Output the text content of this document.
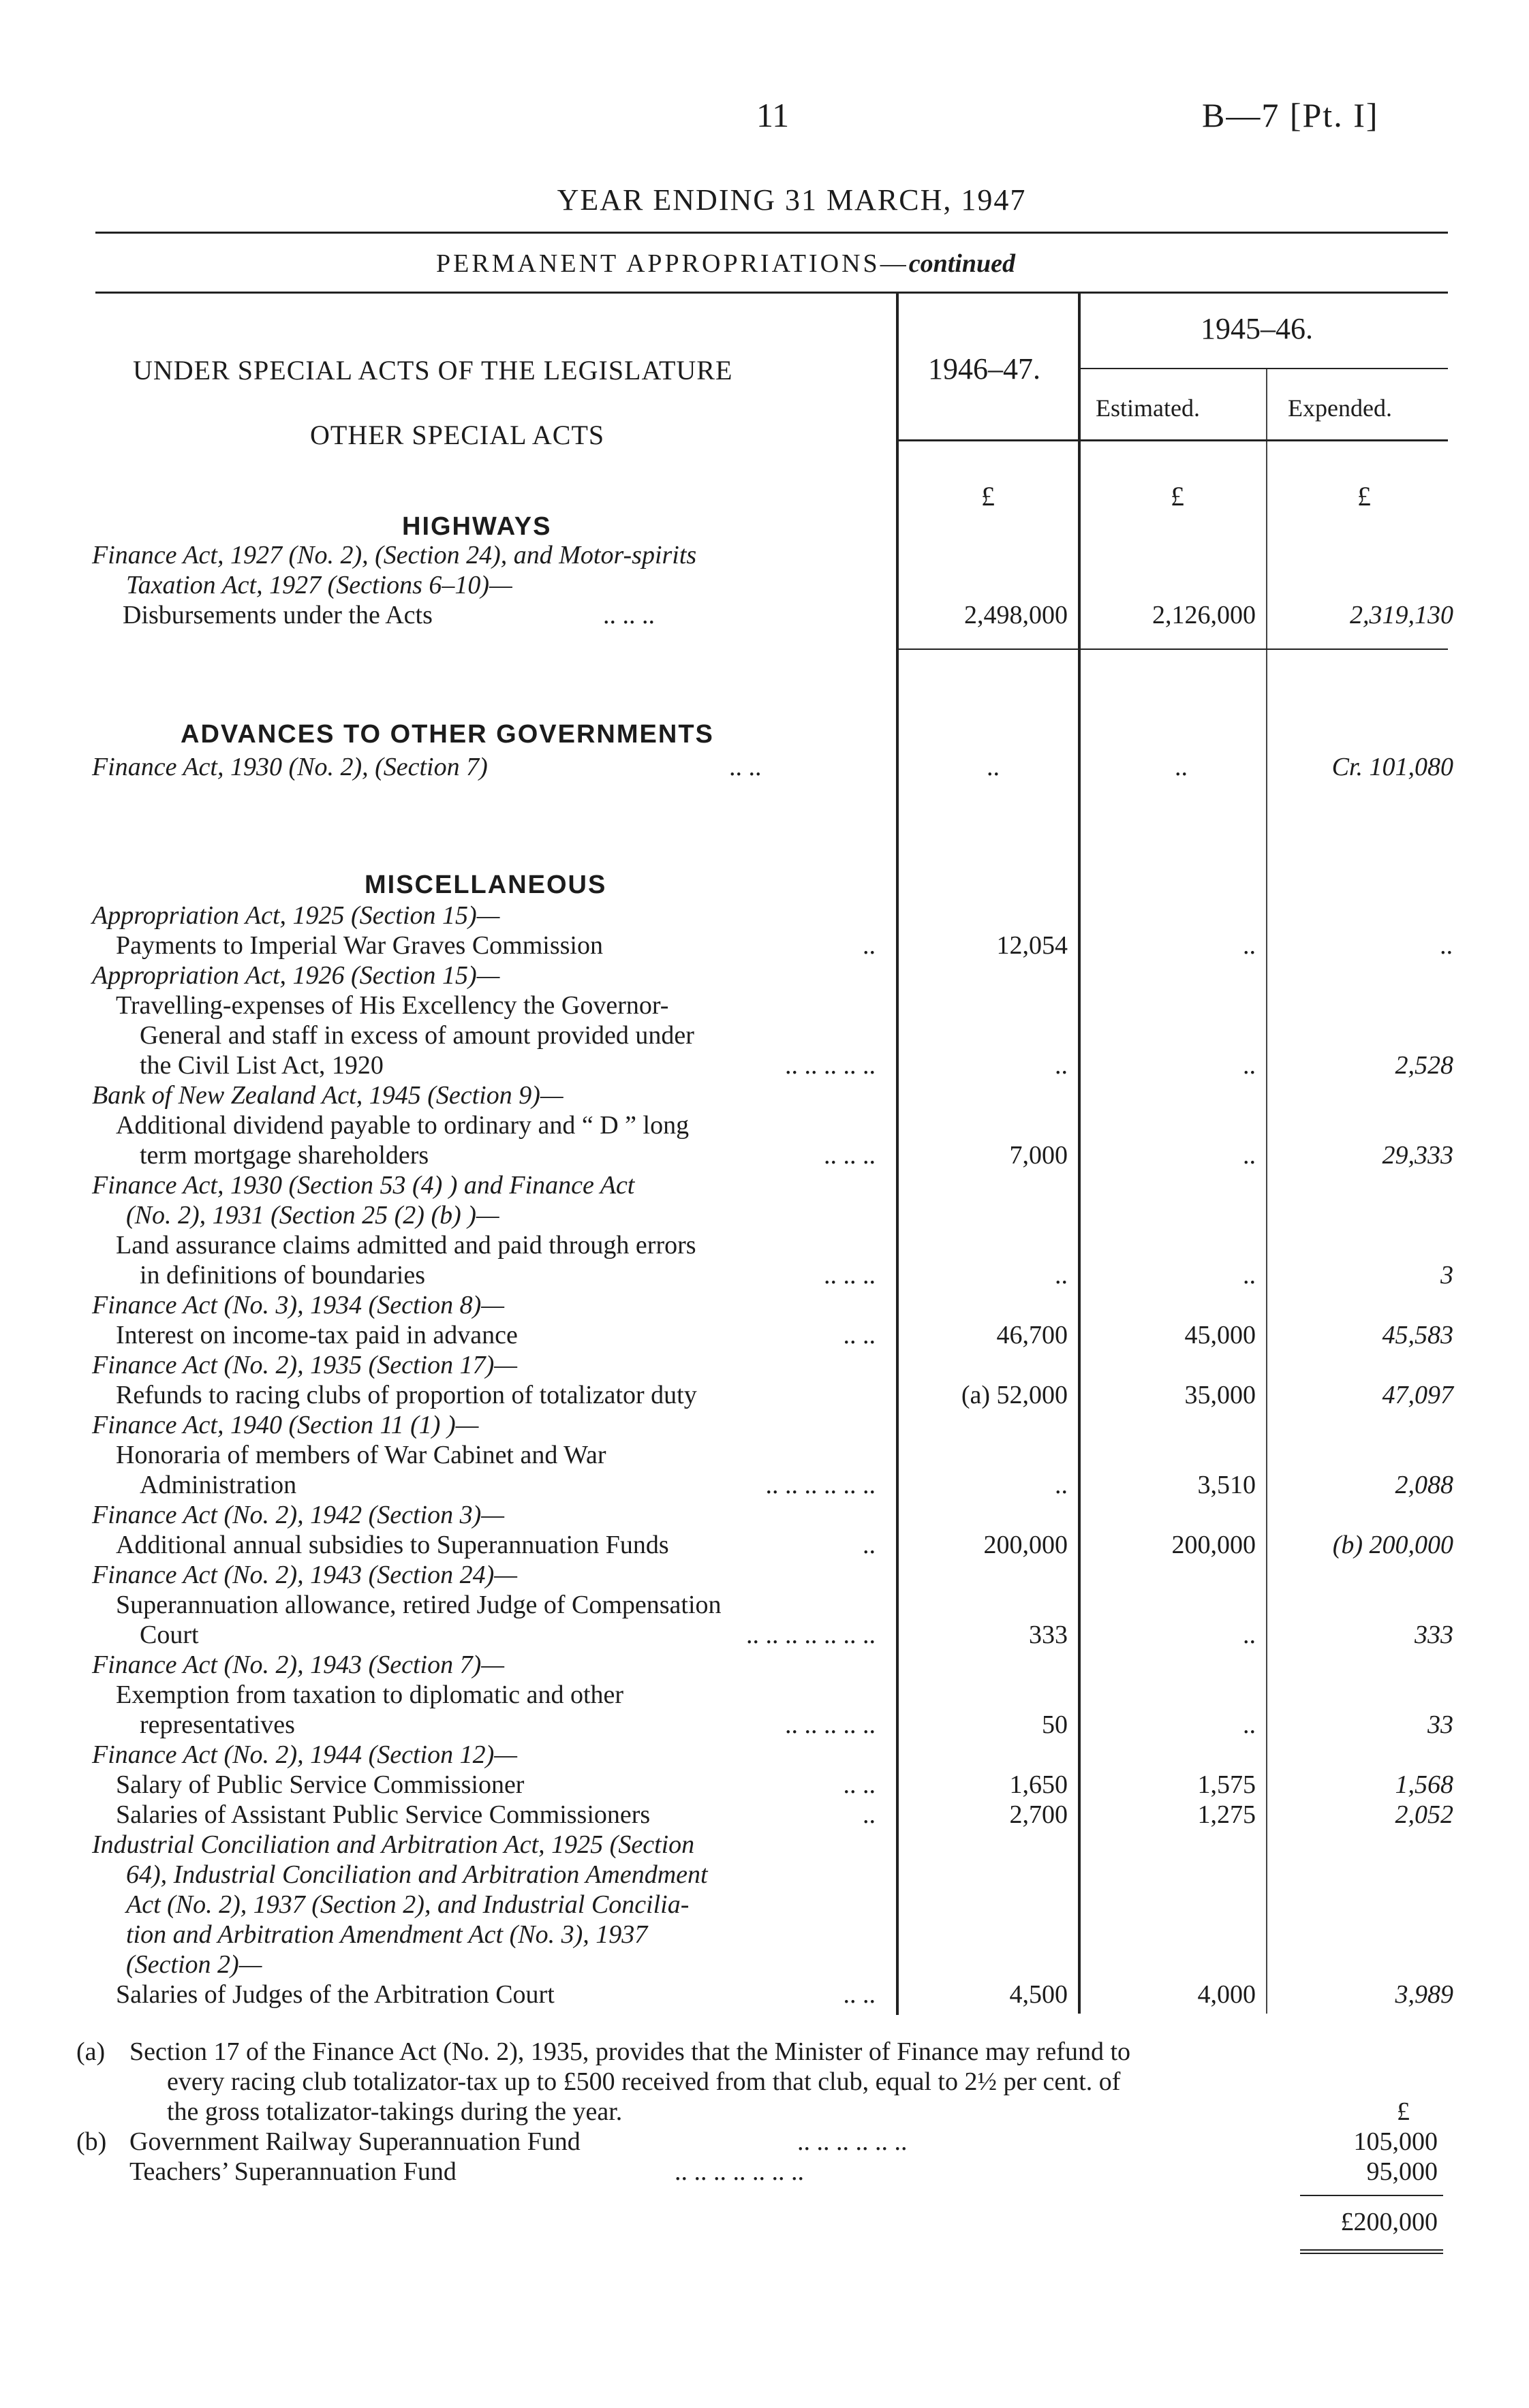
11	B—7 [Pt. I]
YEAR ENDING 31 MARCH, 1947
PERMANENT APPROPRIATIONS—continued
UNDER SPECIAL ACTS OF THE LEGISLATURE
OTHER SPECIAL ACTS
1946–47.
1945–46.
Estimated.	Expended.
£	£	£
HIGHWAYS
Finance Act, 1927 (No. 2), (Section 24), and Motor-spirits
Taxation Act, 1927 (Sections 6–10)—
Disbursements under the Acts	.. .. ..	2,498,000	2,126,000	2,319,130
ADVANCES TO OTHER GOVERNMENTS
Finance Act, 1930 (No. 2), (Section 7)	.. ..	..	..	Cr. 101,080
MISCELLANEOUS
Appropriation Act, 1925 (Section 15)—
Payments to Imperial War Graves Commission	..	12,054	..	..
Appropriation Act, 1926 (Section 15)—
Travelling-expenses of His Excellency the Governor-
General and staff in excess of amount provided under
the Civil List Act, 1920	.. .. .. .. ..	..	..	2,528
Bank of New Zealand Act, 1945 (Section 9)—
Additional dividend payable to ordinary and “ D ” long
term mortgage shareholders	.. .. ..	7,000	..	29,333
Finance Act, 1930 (Section 53 (4) ) and Finance Act
(No. 2), 1931 (Section 25 (2) (b) )—
Land assurance claims admitted and paid through errors
in definitions of boundaries	.. .. ..	..	..	3
Finance Act (No. 3), 1934 (Section 8)—
Interest on income-tax paid in advance	.. ..	46,700	45,000	45,583
Finance Act (No. 2), 1935 (Section 17)—
Refunds to racing clubs of proportion of totalizator duty	(a) 52,000	35,000	47,097
Finance Act, 1940 (Section 11 (1) )—
Honoraria of members of War Cabinet and War
Administration	.. .. .. .. .. ..	..	3,510	2,088
Finance Act (No. 2), 1942 (Section 3)—
Additional annual subsidies to Superannuation Funds	..	200,000	200,000	(b) 200,000
Finance Act (No. 2), 1943 (Section 24)—
Superannuation allowance, retired Judge of Compensation
Court	.. .. .. .. .. .. ..	333	..	333
Finance Act (No. 2), 1943 (Section 7)—
Exemption from taxation to diplomatic and other
representatives	.. .. .. .. ..	50	..	33
Finance Act (No. 2), 1944 (Section 12)—
Salary of Public Service Commissioner	.. ..	1,650	1,575	1,568
Salaries of Assistant Public Service Commissioners	..	2,700	1,275	2,052
Industrial Conciliation and Arbitration Act, 1925 (Section
64), Industrial Conciliation and Arbitration Amendment
Act (No. 2), 1937 (Section 2), and Industrial Concilia-
tion and Arbitration Amendment Act (No. 3), 1937
(Section 2)—
Salaries of Judges of the Arbitration Court	.. ..	4,500	4,000	3,989
(a) Section 17 of the Finance Act (No. 2), 1935, provides that the Minister of Finance may refund to
every racing club totalizator-tax up to £500 received from that club, equal to 2½ per cent. of
the gross totalizator-takings during the year.	£
(b) Government Railway Superannuation Fund	.. .. .. .. .. ..	105,000
Teachers’ Superannuation Fund	.. .. .. .. .. .. ..	95,000
£200,000
